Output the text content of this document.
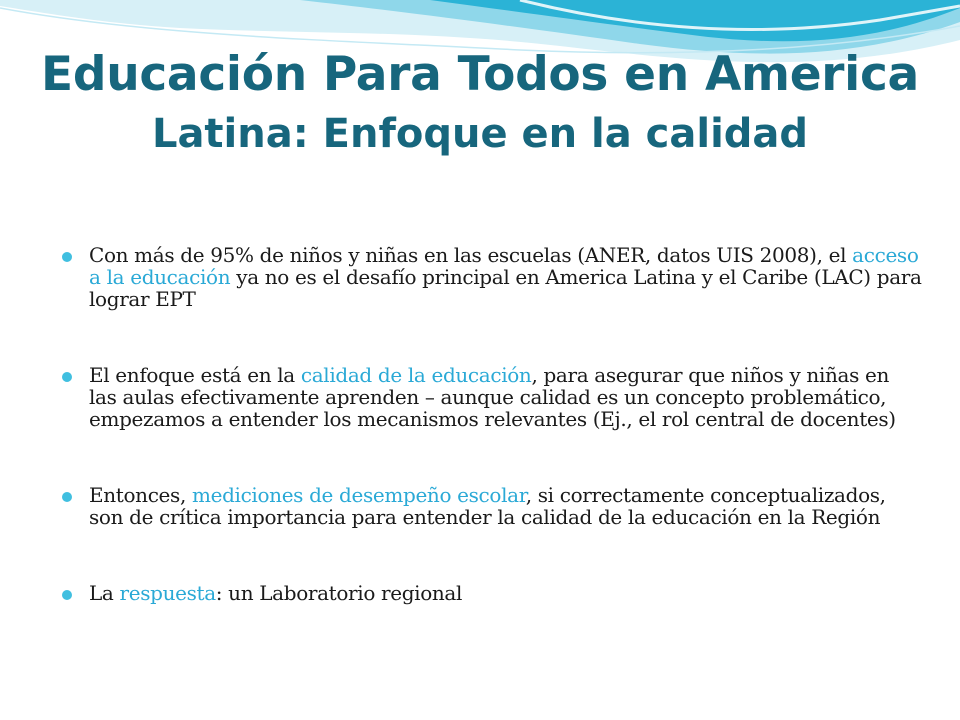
Educación Para Todos en America
Latina: Enfoque en la calidad
Con más de 95% de niños y niñas en las escuelas (ANER, datos UIS 2008), el acceso a la educación ya no es el desafío principal en America Latina y el Caribe (LAC) para lograr EPT
El enfoque está en la calidad de la educación, para asegurar que niños y niñas en las aulas efectivamente aprenden – aunque calidad es un concepto problemático, empezamos a entender los mecanismos relevantes (Ej., el rol central de docentes)
Entonces, mediciones de desempeño escolar, si correctamente conceptualizados, son de crítica importancia para entender la calidad de la educación en la Región
La respuesta: un Laboratorio regional
